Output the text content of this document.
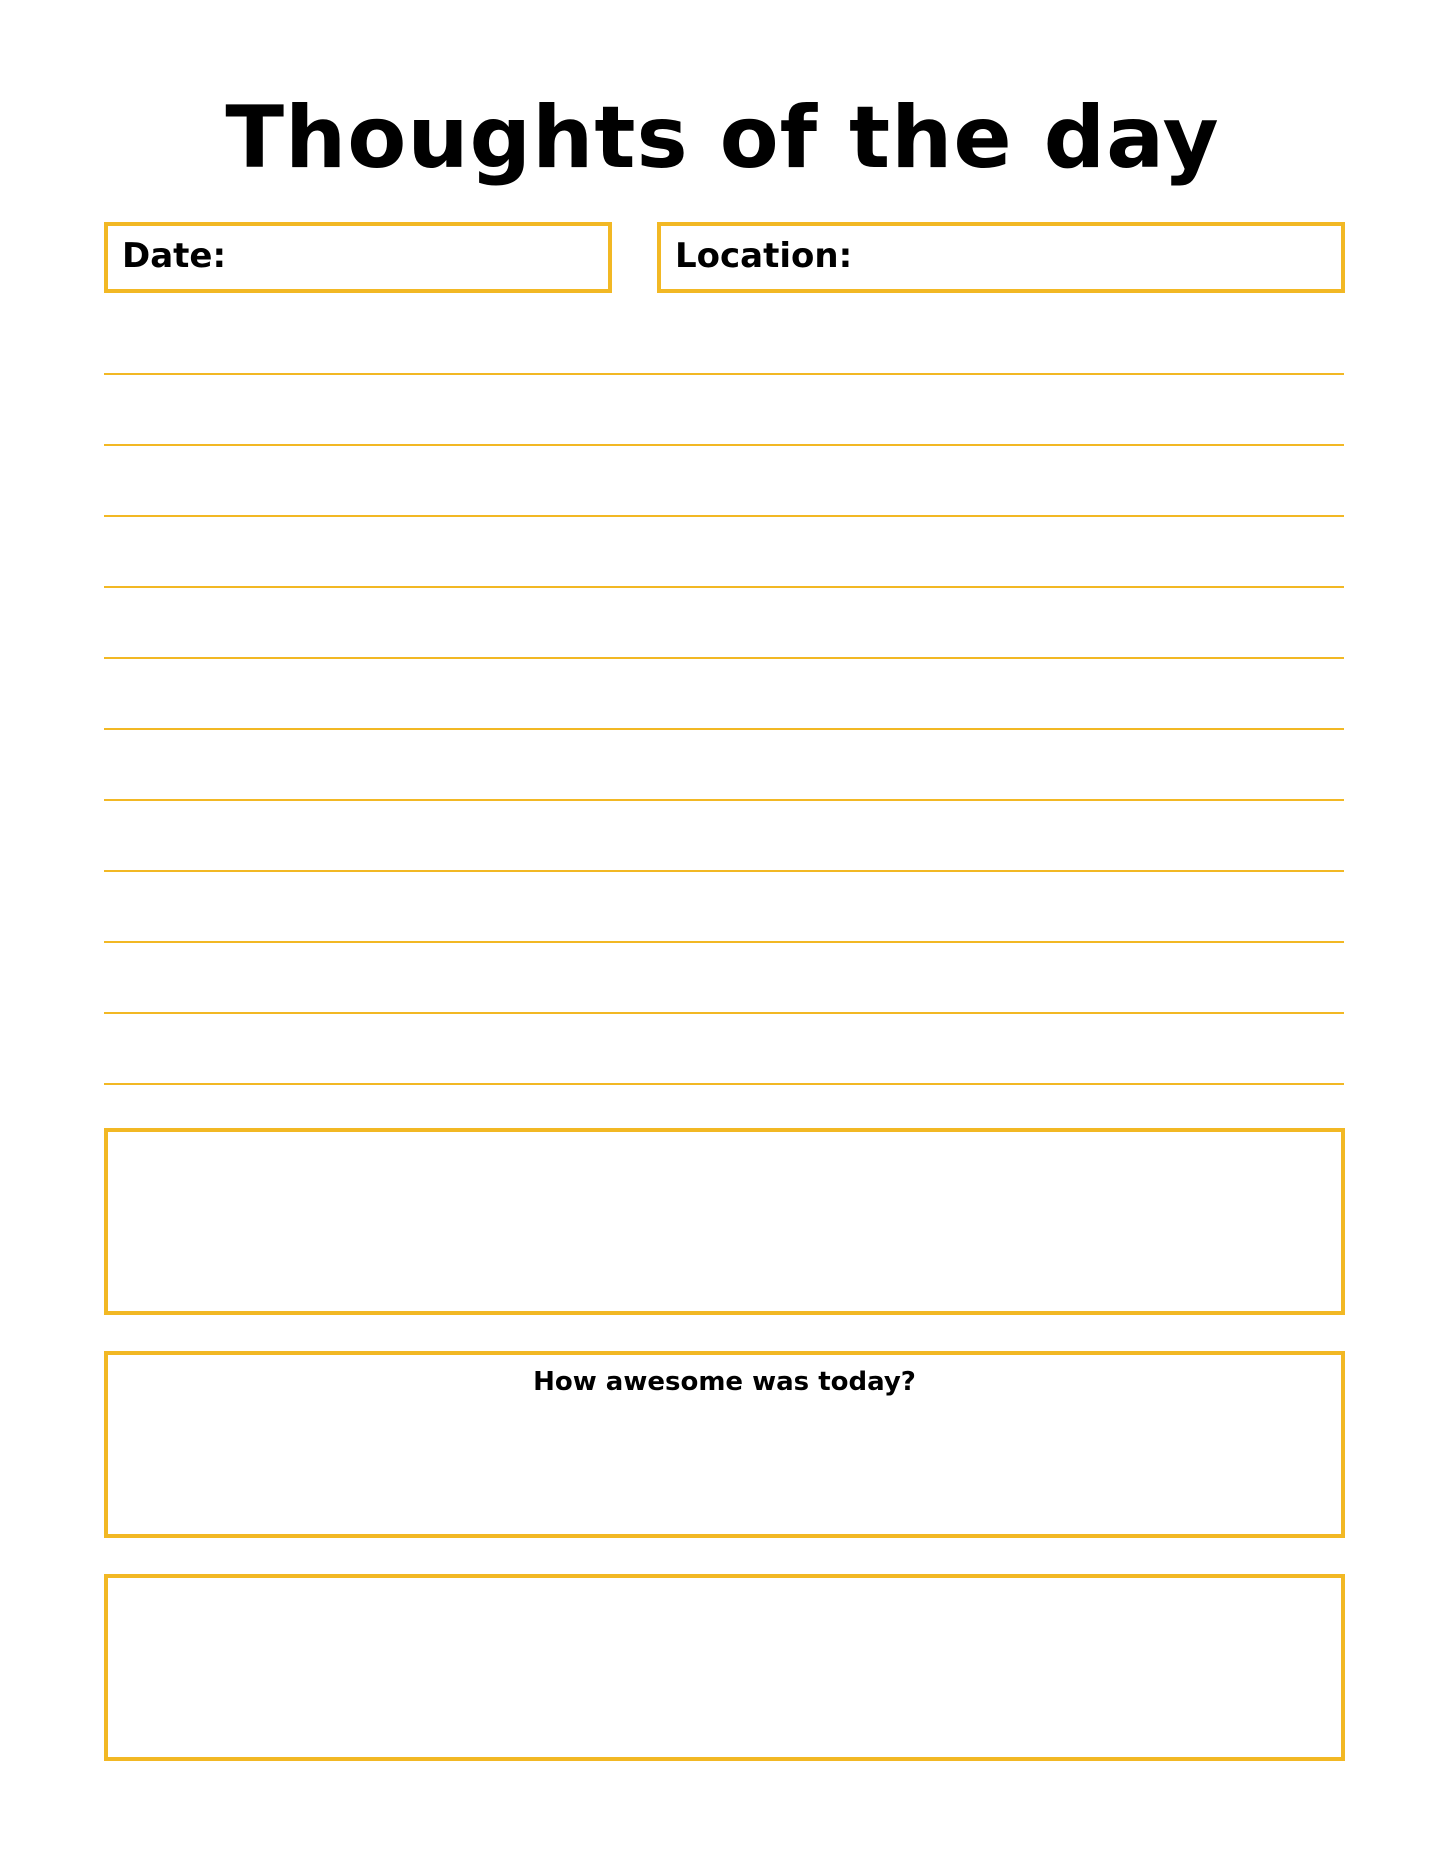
Thoughts of the day
Date:	Location:
How awesome was today?
